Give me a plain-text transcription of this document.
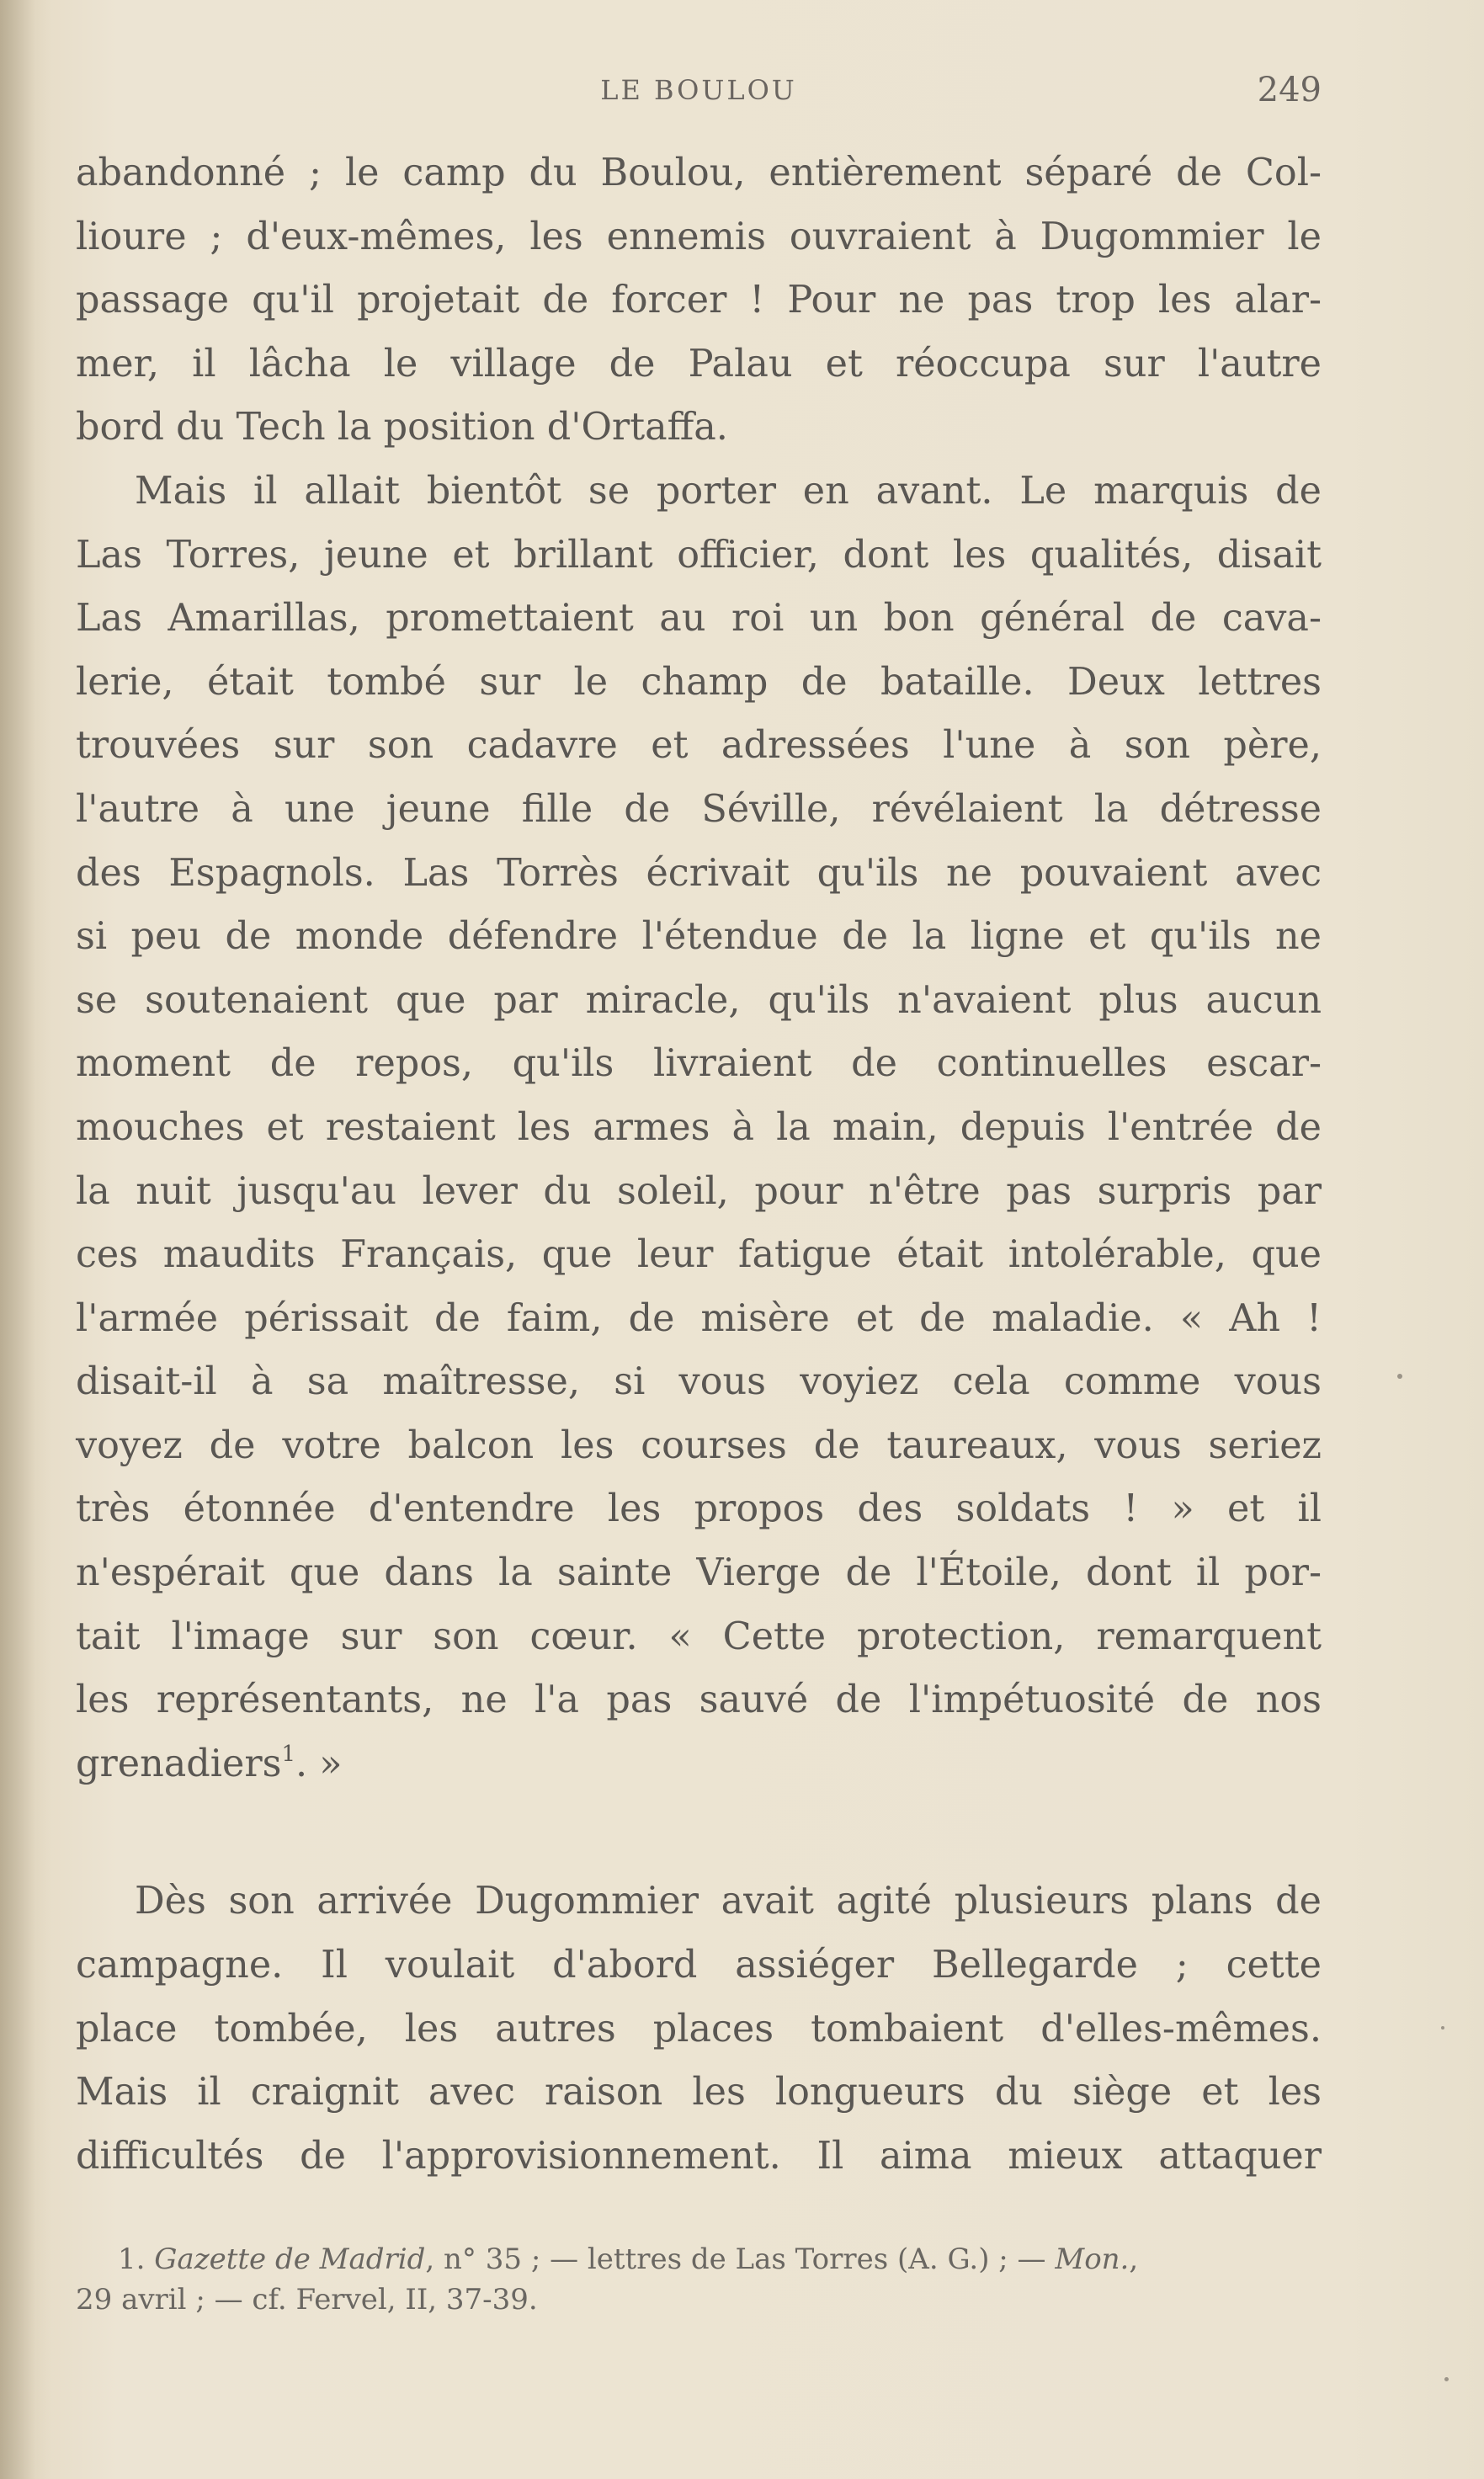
LE BOULOU	249
abandonné ; le camp du Boulou, entièrement séparé de Col-
lioure ; d'eux-mêmes, les ennemis ouvraient à Dugommier le
passage qu'il projetait de forcer ! Pour ne pas trop les alar-
mer, il lâcha le village de Palau et réoccupa sur l'autre
bord du Tech la position d'Ortaffa.
Mais il allait bientôt se porter en avant. Le marquis de
Las Torres, jeune et brillant officier, dont les qualités, disait
Las Amarillas, promettaient au roi un bon général de cava-
lerie, était tombé sur le champ de bataille. Deux lettres
trouvées sur son cadavre et adressées l'une à son père,
l'autre à une jeune fille de Séville, révélaient la détresse
des Espagnols. Las Torrès écrivait qu'ils ne pouvaient avec
si peu de monde défendre l'étendue de la ligne et qu'ils ne
se soutenaient que par miracle, qu'ils n'avaient plus aucun
moment de repos, qu'ils livraient de continuelles escar-
mouches et restaient les armes à la main, depuis l'entrée de
la nuit jusqu'au lever du soleil, pour n'être pas surpris par
ces maudits Français, que leur fatigue était intolérable, que
l'armée périssait de faim, de misère et de maladie. « Ah !
disait-il à sa maîtresse, si vous voyiez cela comme vous
voyez de votre balcon les courses de taureaux, vous seriez
très étonnée d'entendre les propos des soldats ! » et il
n'espérait que dans la sainte Vierge de l'Étoile, dont il por-
tait l'image sur son cœur. « Cette protection, remarquent
les représentants, ne l'a pas sauvé de l'impétuosité de nos
grenadiers$^1$. »
Dès son arrivée Dugommier avait agité plusieurs plans de
campagne. Il voulait d'abord assiéger Bellegarde ; cette
place tombée, les autres places tombaient d'elles-mêmes.
Mais il craignit avec raison les longueurs du siège et les
difficultés de l'approvisionnement. Il aima mieux attaquer
1. Gazette de Madrid, n° 35 ; — lettres de Las Torres (A. G.) ; — Mon.,
29 avril ; — cf. Fervel, II, 37-39.
